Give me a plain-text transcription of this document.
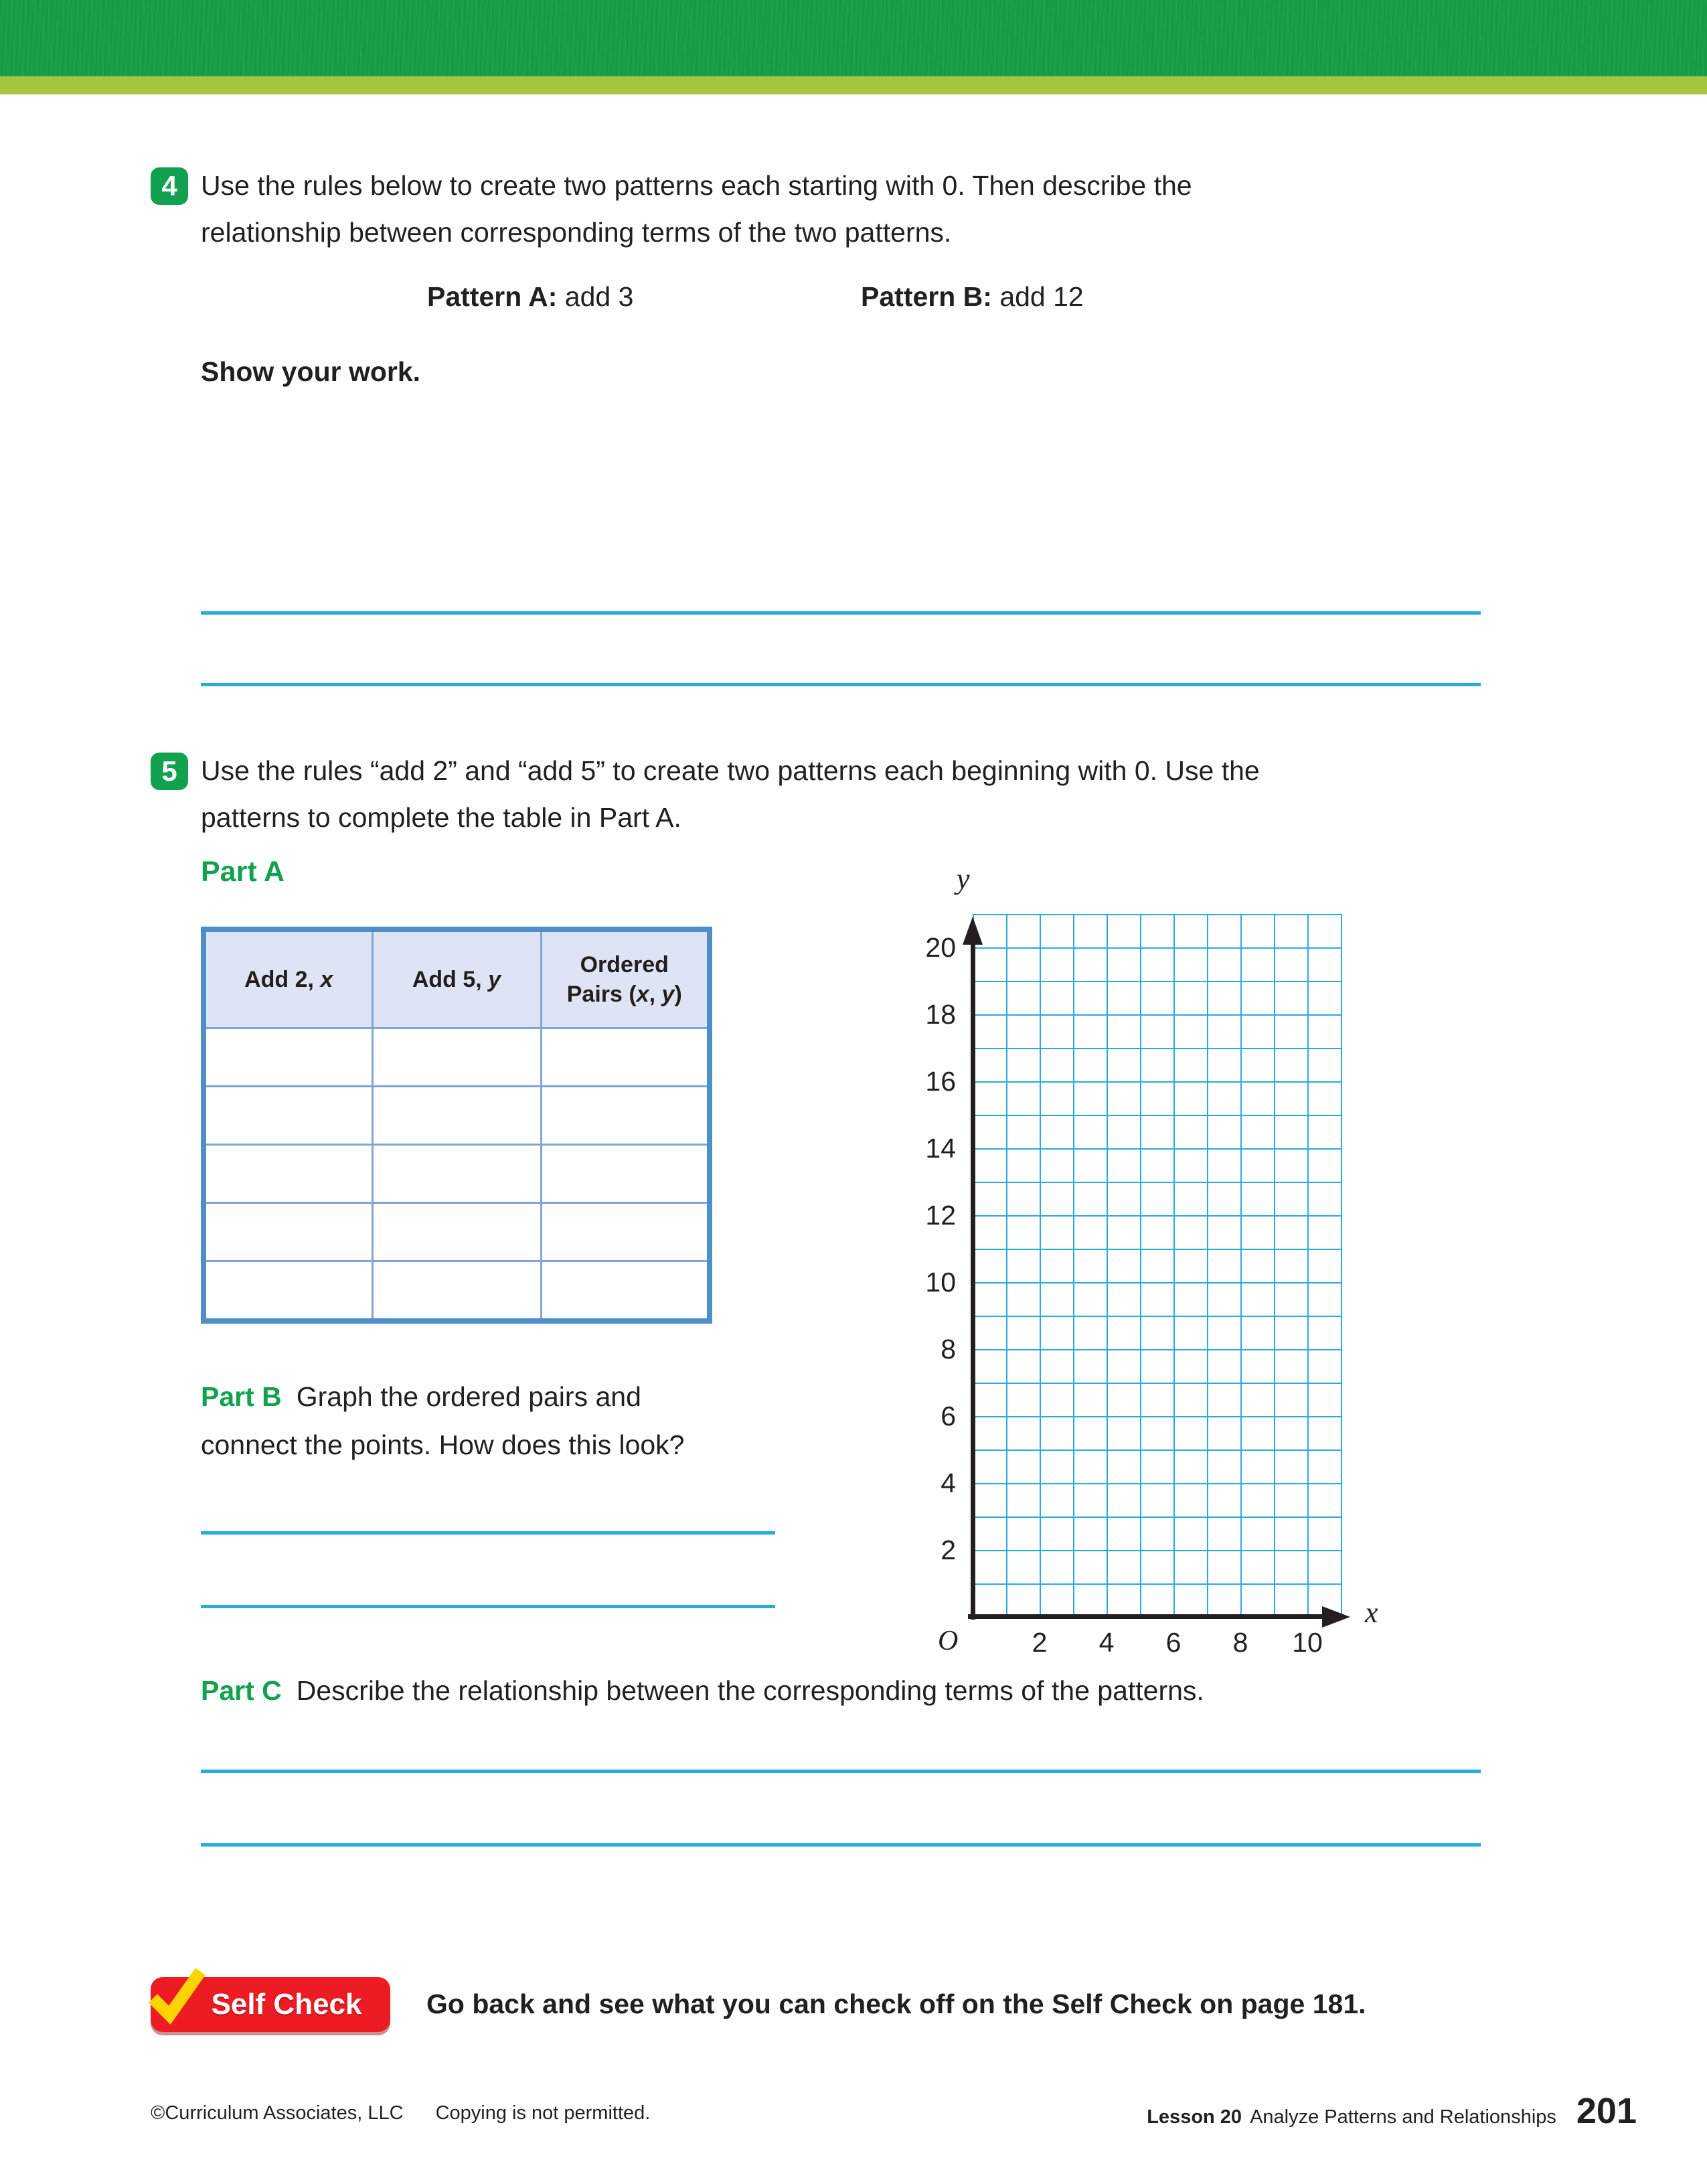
4 Use the rules below to create two patterns each starting with 0. Then describe the
relationship between corresponding terms of the two patterns.
Pattern A: add 3	Pattern B: add 12
Show your work.
5 Use the rules “add 2” and “add 5” to create two patterns each beginning with 0. Use the
patterns to complete the table in Part A.
Part A
Add 2, x	Add 5, y	Ordered
Pairs (x, y)

y
x
O
20
18
16
14
12
10
8
6
4
2
2	4	6	8	10
Part B Graph the ordered pairs and
connect the points. How does this look?
Part C Describe the relationship between the corresponding terms of the patterns.
Self Check Go back and see what you can check off on the Self Check on page 181.
©Curriculum Associates, LLC Copying is not permitted.	Lesson 20 Analyze Patterns and Relationships 201
